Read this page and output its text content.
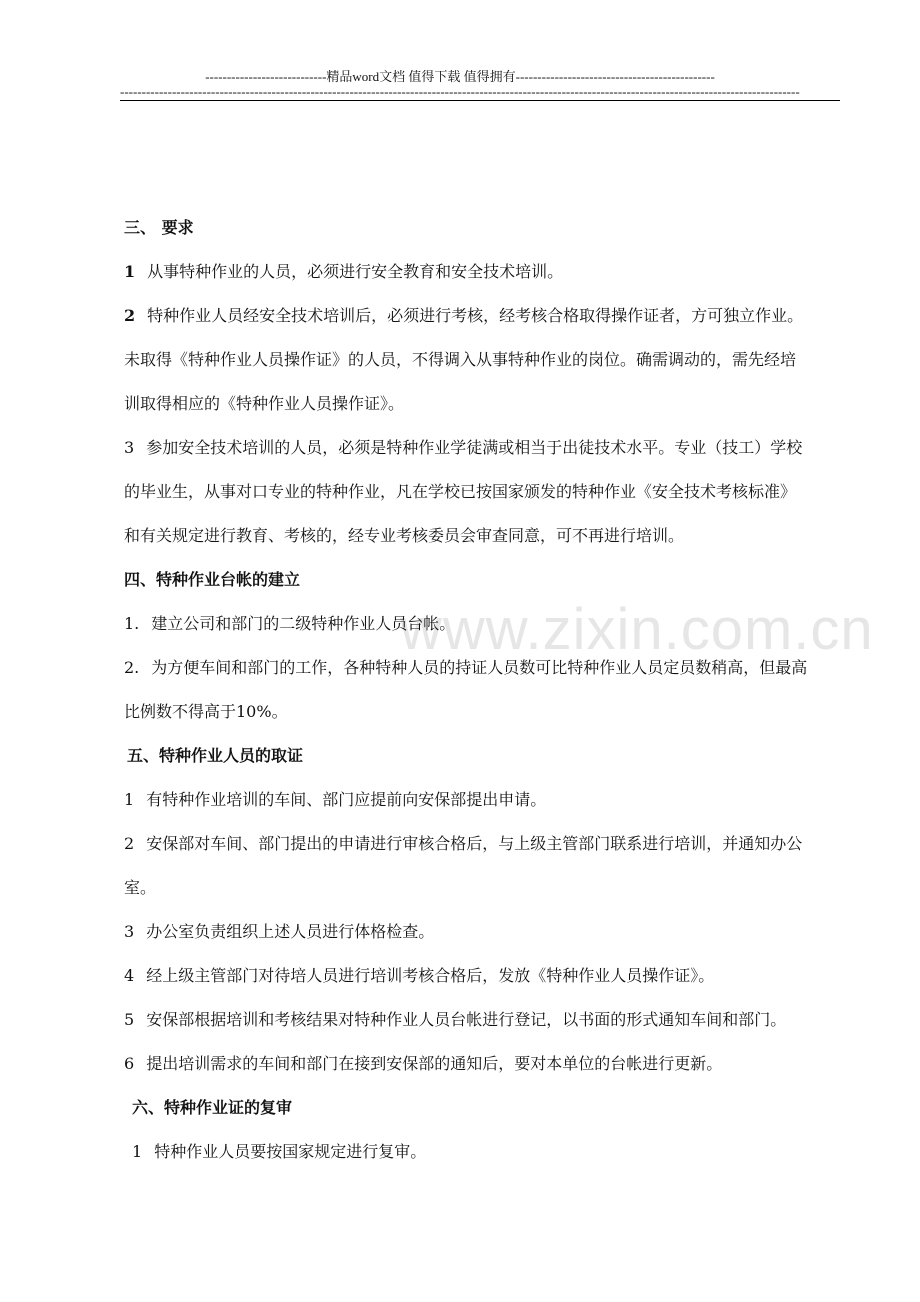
----------------------------精品word文档 值得下载 值得拥有----------------------------------------------
-------------------------------------------------------------------------------------------------------------------------------------------------------------
www.zixin.com.cn
三、 要求
1 从事特种作业的人员，必须进行安全教育和安全技术培训。
2 特种作业人员经安全技术培训后，必须进行考核，经考核合格取得操作证者，方可独立作业。
未取得《特种作业人员操作证》的人员，不得调入从事特种作业的岗位。确需调动的，需先经培
训取得相应的《特种作业人员操作证》。
3 参加安全技术培训的人员，必须是特种作业学徒满或相当于出徒技术水平。专业（技工）学校
的毕业生，从事对口专业的特种作业，凡在学校已按国家颁发的特种作业《安全技术考核标准》
和有关规定进行教育、考核的，经专业考核委员会审查同意，可不再进行培训。
四、特种作业台帐的建立
1. 建立公司和部门的二级特种作业人员台帐。
2. 为方便车间和部门的工作，各种特种人员的持证人员数可比特种作业人员定员数稍高，但最高
比例数不得高于10%。
五、特种作业人员的取证
1 有特种作业培训的车间、部门应提前向安保部提出申请。
2 安保部对车间、部门提出的申请进行审核合格后，与上级主管部门联系进行培训，并通知办公
室。
3 办公室负责组织上述人员进行体格检查。
4 经上级主管部门对待培人员进行培训考核合格后，发放《特种作业人员操作证》。
5 安保部根据培训和考核结果对特种作业人员台帐进行登记，以书面的形式通知车间和部门。
6 提出培训需求的车间和部门在接到安保部的通知后，要对本单位的台帐进行更新。
六、特种作业证的复审
1 特种作业人员要按国家规定进行复审。
